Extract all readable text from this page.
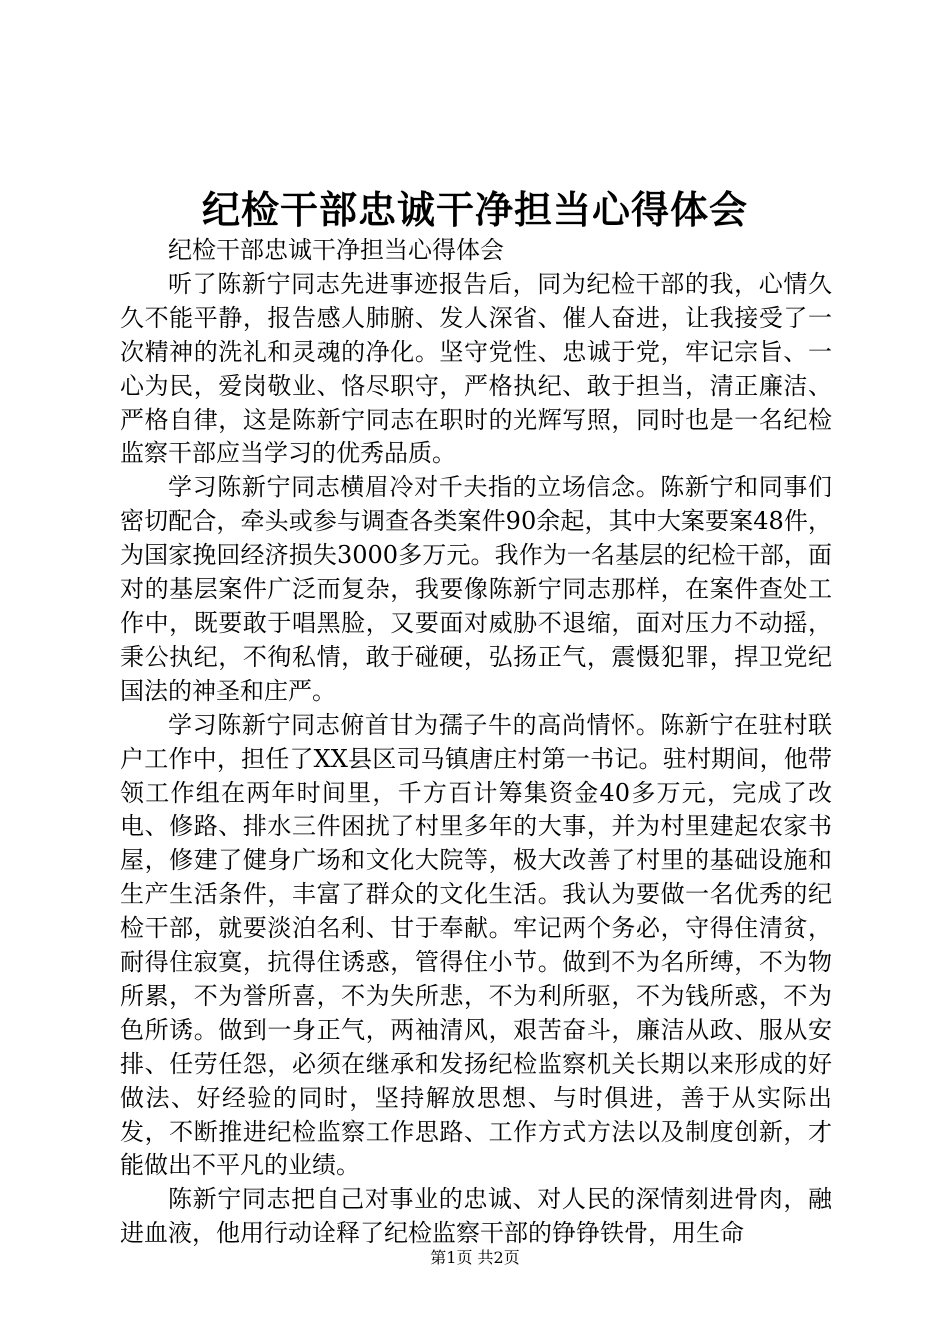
纪检干部忠诚干净担当心得体会

纪检干部忠诚干净担当心得体会

听了陈新宁同志先进事迹报告后，同为纪检干部的我，心情久久不能平静，报告感人肺腑、发人深省、催人奋进，让我接受了一次精神的洗礼和灵魂的净化。坚守党性、忠诚于党，牢记宗旨、一心为民，爱岗敬业、恪尽职守，严格执纪、敢于担当，清正廉洁、严格自律，这是陈新宁同志在职时的光辉写照，同时也是一名纪检监察干部应当学习的优秀品质。

学习陈新宁同志横眉冷对千夫指的立场信念。陈新宁和同事们密切配合，牵头或参与调查各类案件90余起，其中大案要案48件，为国家挽回经济损失3000多万元。我作为一名基层的纪检干部，面对的基层案件广泛而复杂，我要像陈新宁同志那样，在案件查处工作中，既要敢于唱黑脸，又要面对威胁不退缩，面对压力不动摇，秉公执纪，不徇私情，敢于碰硬，弘扬正气，震慑犯罪，捍卫党纪国法的神圣和庄严。

学习陈新宁同志俯首甘为孺子牛的高尚情怀。陈新宁在驻村联户工作中，担任了XX县区司马镇唐庄村第一书记。驻村期间，他带领工作组在两年时间里，千方百计筹集资金40多万元，完成了改电、修路、排水三件困扰了村里多年的大事，并为村里建起农家书屋，修建了健身广场和文化大院等，极大改善了村里的基础设施和生产生活条件，丰富了群众的文化生活。我认为要做一名优秀的纪检干部，就要淡泊名利、甘于奉献。牢记两个务必，守得住清贫，耐得住寂寞，抗得住诱惑，管得住小节。做到不为名所缚，不为物所累，不为誉所喜，不为失所悲，不为利所驱，不为钱所惑，不为色所诱。做到一身正气，两袖清风，艰苦奋斗，廉洁从政、服从安排、任劳任怨，必须在继承和发扬纪检监察机关长期以来形成的好做法、好经验的同时，坚持解放思想、与时俱进，善于从实际出发，不断推进纪检监察工作思路、工作方式方法以及制度创新，才能做出不平凡的业绩。

陈新宁同志把自己对事业的忠诚、对人民的深情刻进骨肉，融进血液，他用行动诠释了纪检监察干部的铮铮铁骨，用生命

第1页 共2页
